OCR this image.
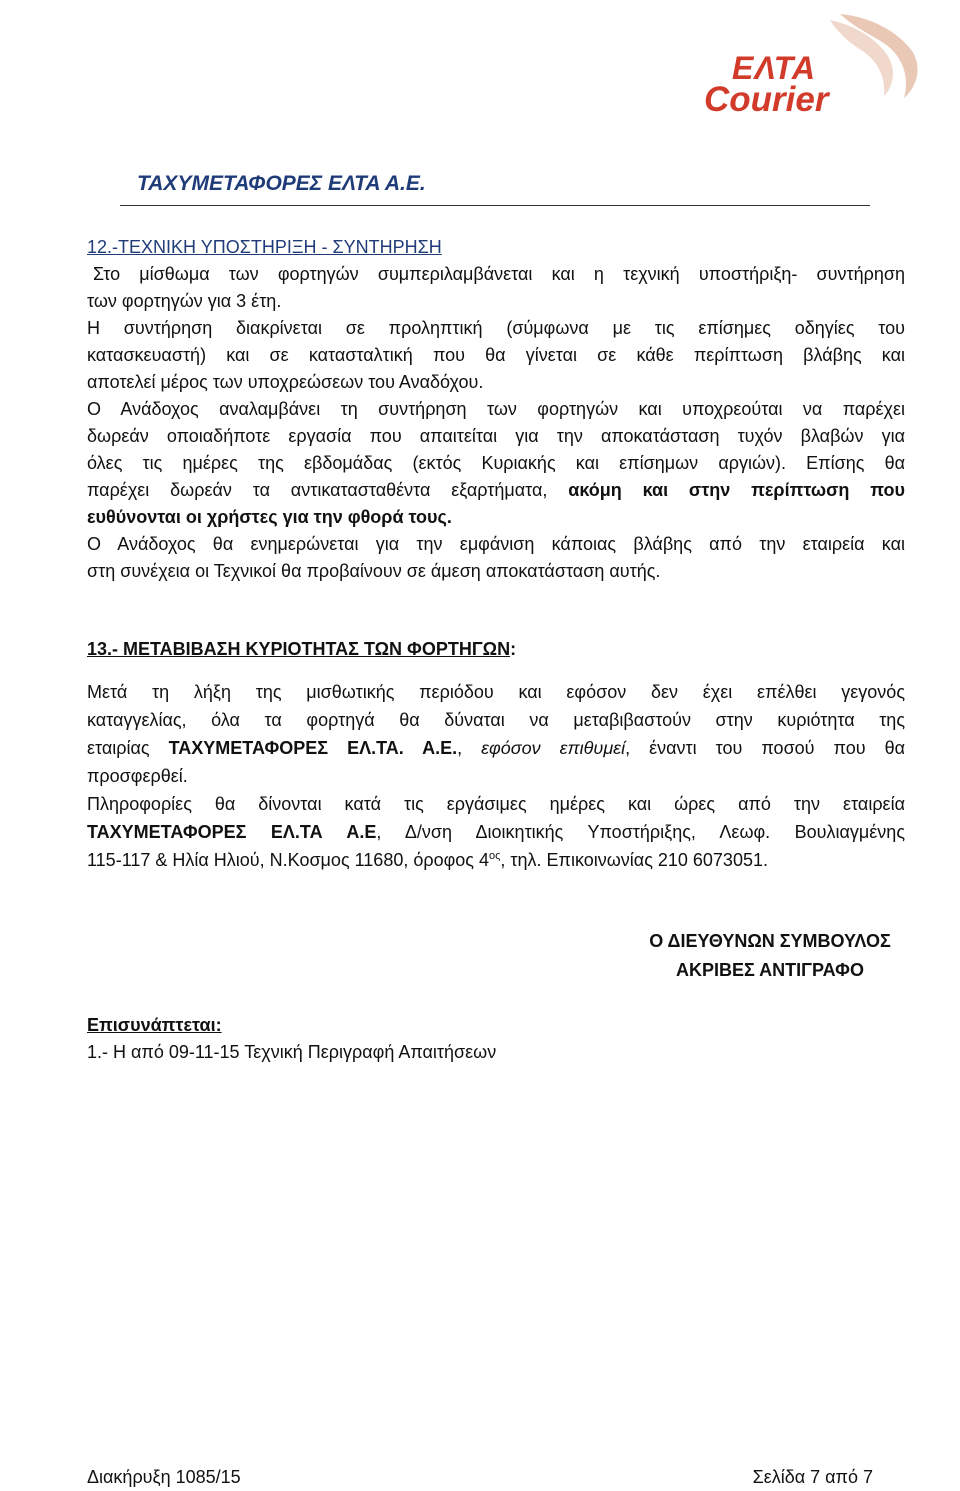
ΕΛΤΑ
Courier
ΤΑΧΥΜΕΤΑΦΟΡΕΣ ΕΛΤΑ Α.Ε.

12.-ΤΕΧΝΙΚΗ ΥΠΟΣΤΗΡΙΞΗ - ΣΥΝΤΗΡΗΣΗ

Στο μίσθωμα των φορτηγών συμπεριλαμβάνεται και η τεχνική υποστήριξη- συντήρηση

των φορτηγών για 3 έτη.

Η συντήρηση διακρίνεται σε προληπτική (σύμφωνα με τις επίσημες οδηγίες του

κατασκευαστή) και σε κατασταλτική που θα γίνεται σε κάθε περίπτωση βλάβης και

αποτελεί μέρος των υποχρεώσεων του Αναδόχου.

Ο Ανάδοχος αναλαμβάνει τη συντήρηση των φορτηγών και υποχρεούται να παρέχει

δωρεάν οποιαδήποτε εργασία που απαιτείται για την αποκατάσταση τυχόν βλαβών για

όλες τις ημέρες της εβδομάδας (εκτός Κυριακής και επίσημων αργιών). Επίσης θα

παρέχει δωρεάν τα αντικατασταθέντα εξαρτήματα, ακόμη και στην περίπτωση που

ευθύνονται οι χρήστες για την φθορά τους.

Ο Ανάδοχος θα ενημερώνεται για την εμφάνιση κάποιας βλάβης από την εταιρεία και

στη συνέχεια οι Τεχνικοί θα προβαίνουν σε άμεση αποκατάσταση αυτής.

13.- ΜΕΤΑΒΙΒΑΣΗ ΚΥΡΙΟΤΗΤΑΣ ΤΩΝ ΦΟΡΤΗΓΩΝ:

Μετά τη λήξη της μισθωτικής περιόδου και εφόσον δεν έχει επέλθει γεγονός

καταγγελίας, όλα τα φορτηγά θα δύναται να μεταβιβαστούν στην κυριότητα της

εταιρίας ΤΑΧΥΜΕΤΑΦΟΡΕΣ ΕΛ.ΤΑ. Α.Ε., εφόσον επιθυμεί, έναντι του ποσού που θα

προσφερθεί.

Πληροφορίες θα δίνονται κατά τις εργάσιμες ημέρες και ώρες από την εταιρεία

ΤΑΧΥΜΕΤΑΦΟΡΕΣ ΕΛ.ΤΑ Α.Ε, Δ/νση Διοικητικής Υποστήριξης, Λεωφ. Βουλιαγμένης

115-117 & Ηλία Ηλιού, Ν.Κοσμος 11680, όροφος $4^{o\varsigma}$, τηλ. Επικοινωνίας 210 6073051.

Ο ΔΙΕΥΘΥΝΩΝ ΣΥΜΒΟΥΛΟΣ
ΑΚΡΙΒΕΣ ΑΝΤΙΓΡΑΦΟ

Επισυνάπτεται:

1.- Η από 09-11-15 Τεχνική Περιγραφή Απαιτήσεων

Διακήρυξη 1085/15	Σελίδα 7 από 7
